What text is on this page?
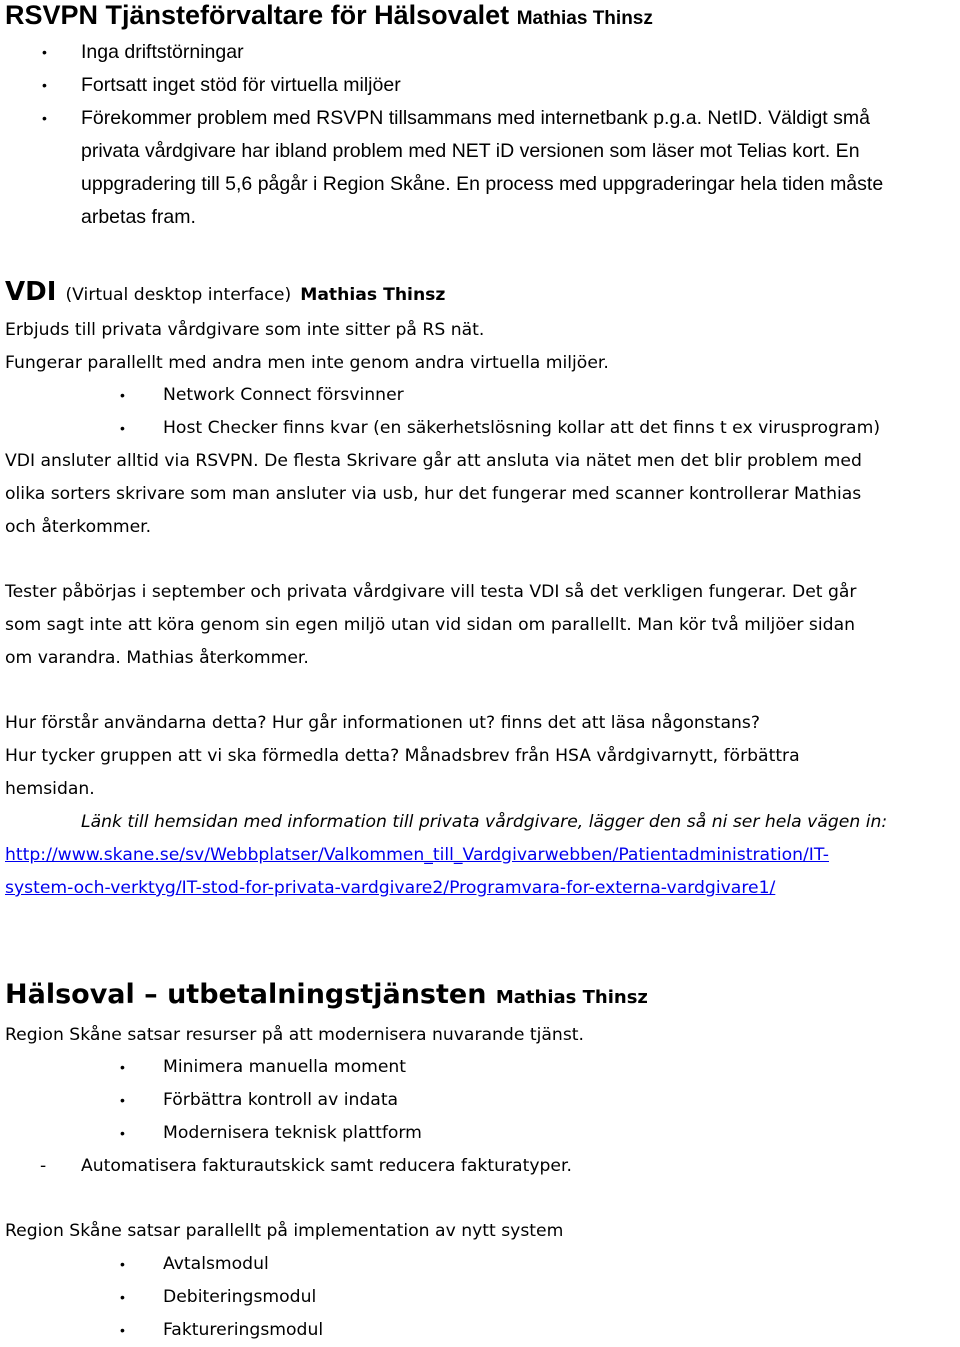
RSVPN Tjänsteförvaltare för Hälsovalet Mathias Thinsz
• Inga driftstörningar
• Fortsatt inget stöd för virtuella miljöer
• Förekommer problem med RSVPN tillsammans med internetbank p.g.a. NetID. Väldigt små
privata vårdgivare har ibland problem med NET iD versionen som läser mot Telias kort. En
uppgradering till 5,6 pågår i Region Skåne. En process med uppgraderingar hela tiden måste
arbetas fram.
VDI (Virtual desktop interface) Mathias Thinsz
Erbjuds till privata vårdgivare som inte sitter på RS nät.
Fungerar parallellt med andra men inte genom andra virtuella miljöer.
• Network Connect försvinner
• Host Checker finns kvar (en säkerhetslösning kollar att det finns t ex virusprogram)
VDI ansluter alltid via RSVPN. De flesta Skrivare går att ansluta via nätet men det blir problem med
olika sorters skrivare som man ansluter via usb, hur det fungerar med scanner kontrollerar Mathias
och återkommer.
Tester påbörjas i september och privata vårdgivare vill testa VDI så det verkligen fungerar. Det går
som sagt inte att köra genom sin egen miljö utan vid sidan om parallellt. Man kör två miljöer sidan
om varandra. Mathias återkommer.
Hur förstår användarna detta? Hur går informationen ut? finns det att läsa någonstans?
Hur tycker gruppen att vi ska förmedla detta? Månadsbrev från HSA vårdgivarnytt, förbättra
hemsidan.
Länk till hemsidan med information till privata vårdgivare, lägger den så ni ser hela vägen in:
http://www.skane.se/sv/Webbplatser/Valkommen_till_Vardgivarwebben/Patientadministration/IT-
system-och-verktyg/IT-stod-for-privata-vardgivare2/Programvara-for-externa-vardgivare1/
Hälsoval – utbetalningstjänsten Mathias Thinsz
Region Skåne satsar resurser på att modernisera nuvarande tjänst.
• Minimera manuella moment
• Förbättra kontroll av indata
• Modernisera teknisk plattform
- Automatisera fakturautskick samt reducera fakturatyper.
Region Skåne satsar parallellt på implementation av nytt system
• Avtalsmodul
• Debiteringsmodul
• Faktureringsmodul
